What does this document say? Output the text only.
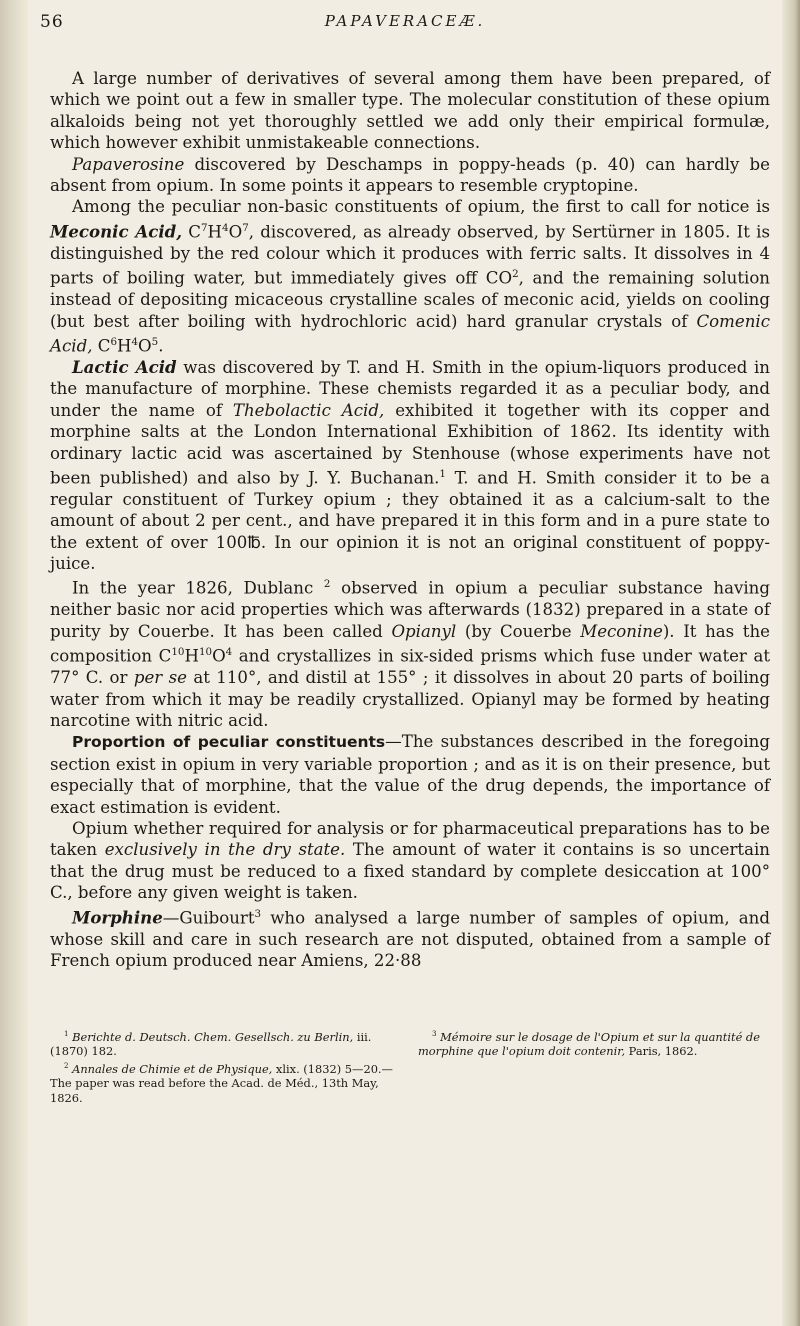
56	PAPAVERACEÆ.

A large number of derivatives of several among them have been prepared, of which we point out a few in smaller type. The molecular constitution of these opium alkaloids being not yet thoroughly settled we add only their empirical formulæ, which however exhibit unmistakeable connections.

Papaverosine discovered by Deschamps in poppy-heads (p. 40) can hardly be absent from opium. In some points it appears to resemble cryptopine.

Among the peculiar non-basic constituents of opium, the first to call for notice is Meconic Acid, $C^7H^4O^7$, discovered, as already observed, by Sertürner in 1805. It is distinguished by the red colour which it produces with ferric salts. It dissolves in 4 parts of boiling water, but immediately gives off $CO^2$, and the remaining solution instead of depositing micaceous crystalline scales of meconic acid, yields on cooling (but best after boiling with hydrochloric acid) hard granular crystals of Comenic Acid, $C^6H^4O^5$.

Lactic Acid was discovered by T. and H. Smith in the opium-liquors produced in the manufacture of morphine. These chemists regarded it as a peculiar body, and under the name of Thebolactic Acid, exhibited it together with its copper and morphine salts at the London International Exhibition of 1862. Its identity with ordinary lactic acid was ascertained by Stenhouse (whose experiments have not been published) and also by J. Y. Buchanan.$^1$ T. and H. Smith consider it to be a regular constituent of Turkey opium ; they obtained it as a calcium-salt to the amount of about 2 per cent., and have prepared it in this form and in a pure state to the extent of over 100℔. In our opinion it is not an original constituent of poppy-juice.

In the year 1826, Dublanc $^2$ observed in opium a peculiar substance having neither basic nor acid properties which was afterwards (1832) prepared in a state of purity by Couerbe. It has been called Opianyl (by Couerbe Meconine). It has the composition $C^{10}H^{10}O^4$ and crystallizes in six-sided prisms which fuse under water at 77° C. or per se at 110°, and distil at 155° ; it dissolves in about 20 parts of boiling water from which it may be readily crystallized. Opianyl may be formed by heating narcotine with nitric acid.

Proportion of peculiar constituents—The substances described in the foregoing section exist in opium in very variable proportion ; and as it is on their presence, but especially that of morphine, that the value of the drug depends, the importance of exact estimation is evident.

Opium whether required for analysis or for pharmaceutical preparations has to be taken exclusively in the dry state. The amount of water it contains is so uncertain that the drug must be reduced to a fixed standard by complete desiccation at 100° C., before any given weight is taken.

Morphine—Guibourt$^3$ who analysed a large number of samples of opium, and whose skill and care in such research are not disputed, obtained from a sample of French opium produced near Amiens, 22·88

$^1$ Berichte d. Deutsch. Chem. Gesellsch. zu Berlin, iii. (1870) 182.

$^2$ Annales de Chimie et de Physique, xlix. (1832) 5—20.—The paper was read before the Acad. de Méd., 13th May, 1826.

$^3$ Mémoire sur le dosage de l'Opium et sur la quantité de morphine que l'opium doit contenir, Paris, 1862.
